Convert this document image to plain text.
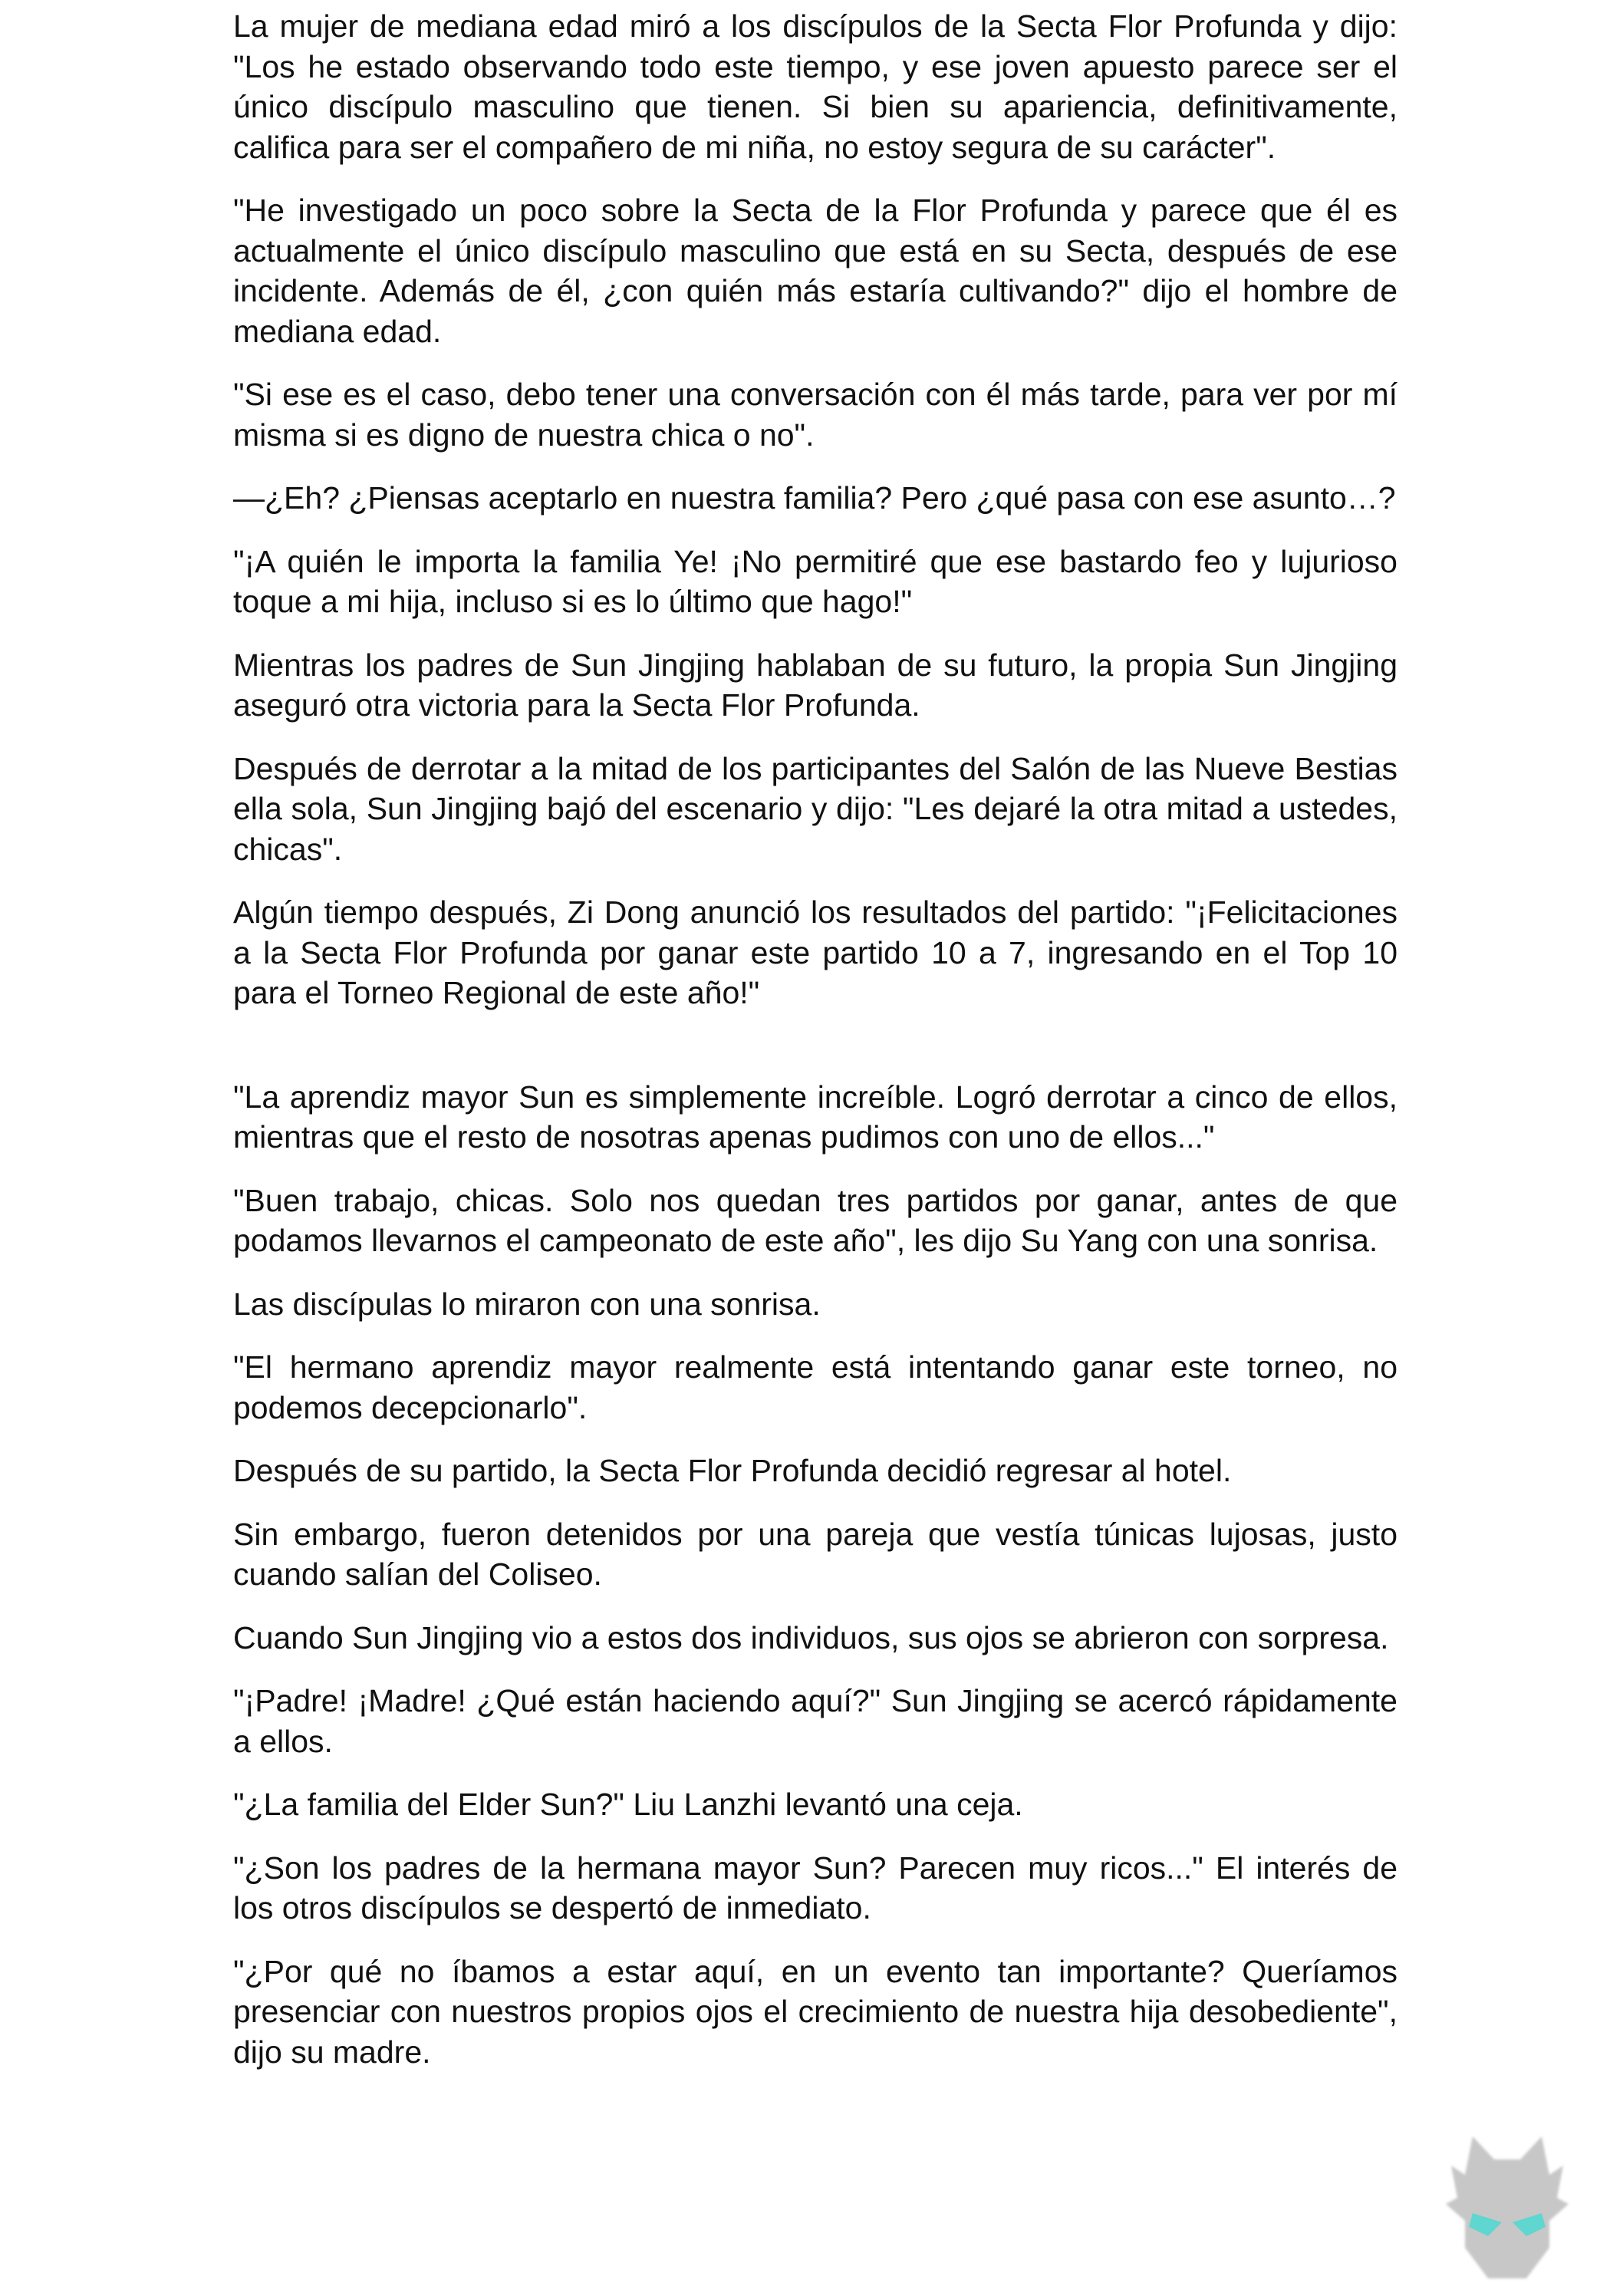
La mujer de mediana edad miró a los discípulos de la Secta Flor Profunda y dijo: "Los he estado observando todo este tiempo, y ese joven apuesto parece ser el único discípulo masculino que tienen. Si bien su apariencia, definitivamente, califica para ser el compañero de mi niña, no estoy segura de su carácter".

"He investigado un poco sobre la Secta de la Flor Profunda y parece que él es actualmente el único discípulo masculino que está en su Secta, después de ese incidente. Además de él, ¿con quién más estaría cultivando?" dijo el hombre de mediana edad.

"Si ese es el caso, debo tener una conversación con él más tarde, para ver por mí misma si es digno de nuestra chica o no".

—¿Eh? ¿Piensas aceptarlo en nuestra familia? Pero ¿qué pasa con ese asunto…?

"¡A quién le importa la familia Ye! ¡No permitiré que ese bastardo feo y lujurioso toque a mi hija, incluso si es lo último que hago!"

Mientras los padres de Sun Jingjing hablaban de su futuro, la propia Sun Jingjing aseguró otra victoria para la Secta Flor Profunda.

Después de derrotar a la mitad de los participantes del Salón de las Nueve Bestias ella sola, Sun Jingjing bajó del escenario y dijo: "Les dejaré la otra mitad a ustedes, chicas".

Algún tiempo después, Zi Dong anunció los resultados del partido: "¡Felicitaciones a la Secta Flor Profunda por ganar este partido 10 a 7, ingresando en el Top 10 para el Torneo Regional de este año!"

"La aprendiz mayor Sun es simplemente increíble. Logró derrotar a cinco de ellos, mientras que el resto de nosotras apenas pudimos con uno de ellos..."

"Buen trabajo, chicas. Solo nos quedan tres partidos por ganar, antes de que podamos llevarnos el campeonato de este año", les dijo Su Yang con una sonrisa.

Las discípulas lo miraron con una sonrisa.

"El hermano aprendiz mayor realmente está intentando ganar este torneo, no podemos decepcionarlo".

Después de su partido, la Secta Flor Profunda decidió regresar al hotel.

Sin embargo, fueron detenidos por una pareja que vestía túnicas lujosas, justo cuando salían del Coliseo.

Cuando Sun Jingjing vio a estos dos individuos, sus ojos se abrieron con sorpresa.

"¡Padre! ¡Madre! ¿Qué están haciendo aquí?" Sun Jingjing se acercó rápidamente a ellos.

"¿La familia del Elder Sun?" Liu Lanzhi levantó una ceja.

"¿Son los padres de la hermana mayor Sun? Parecen muy ricos..." El interés de los otros discípulos se despertó de inmediato.

"¿Por qué no íbamos a estar aquí, en un evento tan importante? Queríamos presenciar con nuestros propios ojos el crecimiento de nuestra hija desobediente", dijo su madre.
